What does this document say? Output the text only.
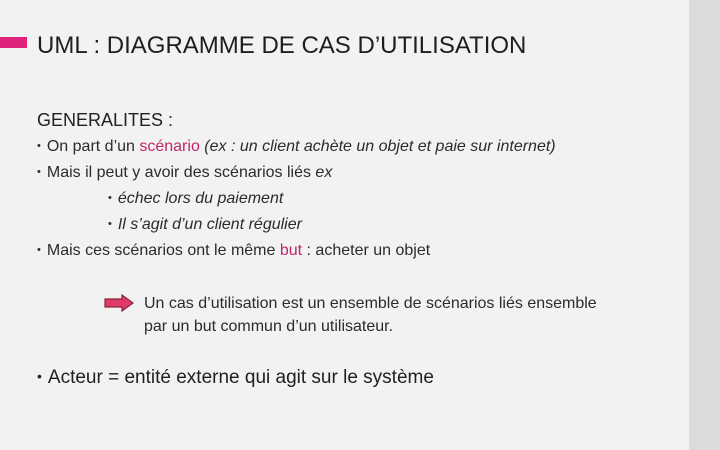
UML : DIAGRAMME DE CAS D’UTILISATION
GENERALITES :
• On part d’un scénario (ex : un client achète un objet et paie sur internet)
• Mais il peut y avoir des scénarios liés ex
• échec lors du paiement
• Il s’agit d’un client régulier
• Mais ces scénarios ont le même but : acheter un objet
Un cas d’utilisation est un ensemble de scénarios liés ensemble
par un but commun d’un utilisateur.
• Acteur = entité externe qui agit sur le système
